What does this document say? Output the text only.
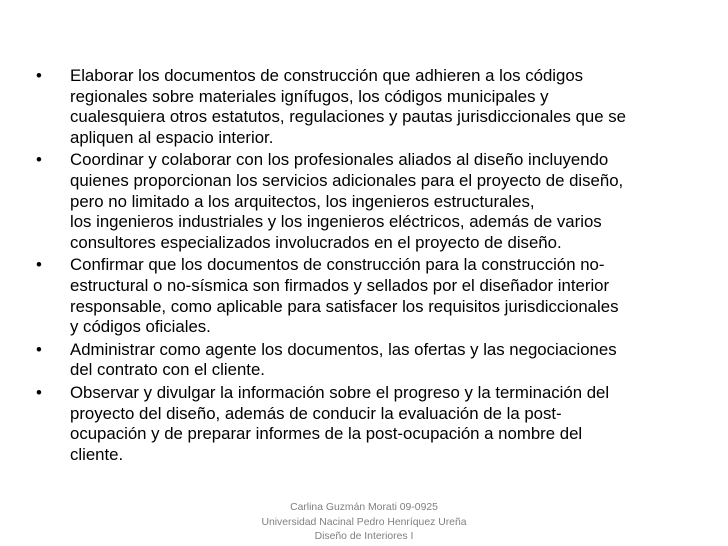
•	Elaborar los documentos de construcción que adhieren a los códigos
regionales sobre materiales ignífugos, los códigos municipales y
cualesquiera otros estatutos, regulaciones y pautas jurisdiccionales que se
apliquen al espacio interior.
•	Coordinar y colaborar con los profesionales aliados al diseño incluyendo
quienes proporcionan los servicios adicionales para el proyecto de diseño,
pero no limitado a los arquitectos, los ingenieros estructurales,
los ingenieros industriales y los ingenieros eléctricos, además de varios
consultores especializados involucrados en el proyecto de diseño.
•	Confirmar que los documentos de construcción para la construcción no-
estructural o no-sísmica son firmados y sellados por el diseñador interior
responsable, como aplicable para satisfacer los requisitos jurisdiccionales
y códigos oficiales.
•	Administrar como agente los documentos, las ofertas y las negociaciones
del contrato con el cliente.
•	Observar y divulgar la información sobre el progreso y la terminación del
proyecto del diseño, además de conducir la evaluación de la post-
ocupación y de preparar informes de la post-ocupación a nombre del
cliente.
Carlina Guzmán Morati 09-0925
Universidad Nacinal Pedro Henríquez Ureña
Diseño de Interiores I
